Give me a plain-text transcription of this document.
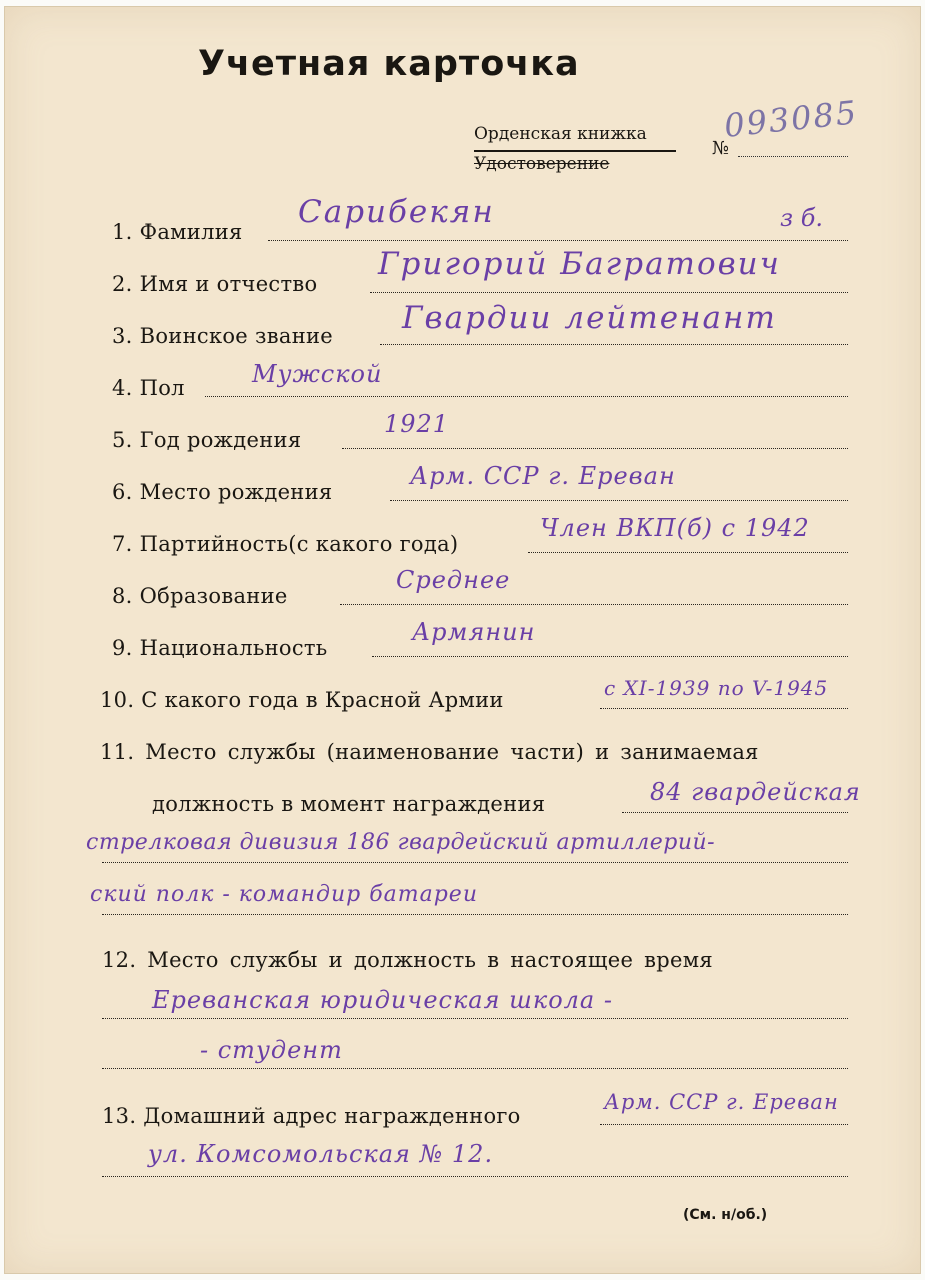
Учетная карточка
Орденская книжка
Удостоверение
№
093085
1. Фамилия
Сарибекян	з б.
2. Имя и отчество
Григорий Багратович
3. Воинское звание Гвардии лейтенант
4. Пол	Мужской
5. Год рождения
1921
6. Место рождения
Арм. ССР г. Ереван
7. Партийность(с какого года)
Член ВКП(б) с 1942
8. Образование
Среднее
9. Национальность
Армянин
10. С какого года в Красной Армии	с XI-1939 по V-1945
11. Место службы (наименование части) и занимаемая
должность в момент награждения	84 гвардейская
стрелковая дивизия 186 гвардейский артиллерий-
ский полк - командир батареи
12. Место службы и должность в настоящее время
Ереванская юридическая школа -
- студент
13. Домашний адрес награжденного
Арм. ССР г. Ереван
ул. Комсомольская № 12.
(См. н/об.)
